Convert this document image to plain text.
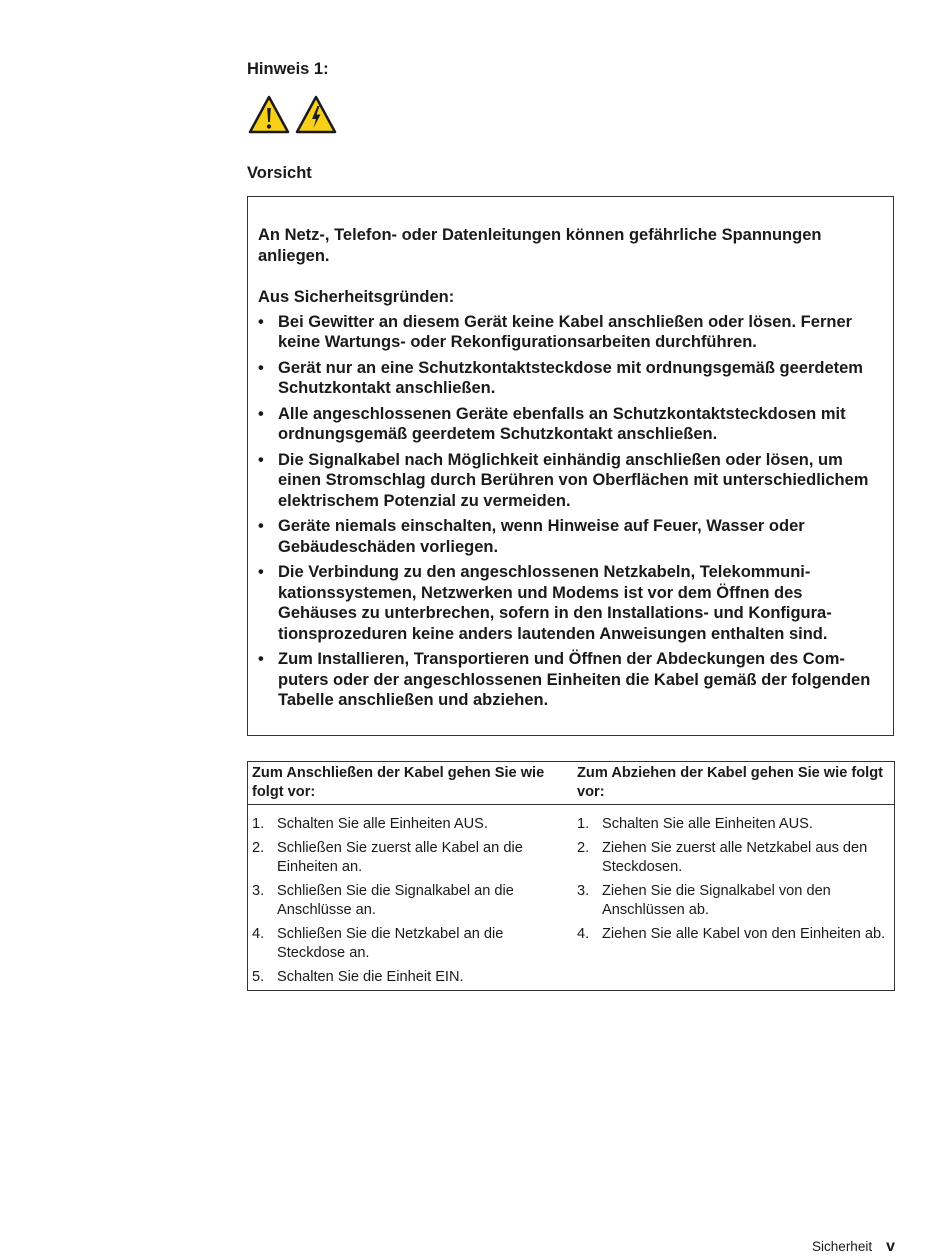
Hinweis 1:
Vorsicht

An Netz-, Telefon- oder Datenleitungen können gefährliche Spannungen anliegen.

Aus Sicherheitsgründen:

• Bei Gewitter an diesem Gerät keine Kabel anschließen oder lösen. Ferner keine Wartungs- oder Rekonfigurationsarbeiten durchführen.
• Gerät nur an eine Schutzkontaktsteckdose mit ordnungsgemäß geerdetem Schutzkontakt anschließen.
• Alle angeschlossenen Geräte ebenfalls an Schutzkontaktsteckdosen mit ordnungsgemäß geerdetem Schutzkontakt anschließen.
• Die Signalkabel nach Möglichkeit einhändig anschließen oder lösen, um einen Stromschlag durch Berühren von Oberflächen mit unterschiedlichem elektrischem Potenzial zu vermeiden.
• Geräte niemals einschalten, wenn Hinweise auf Feuer, Wasser oder Gebäudeschäden vorliegen.
• Die Verbindung zu den angeschlossenen Netzkabeln, Telekommunikationssystemen, Netzwerken und Modems ist vor dem Öffnen des Gehäuses zu unterbrechen, sofern in den Installations- und Konfigurationsprozeduren keine anders lautenden Anweisungen enthalten sind.
• Zum Installieren, Transportieren und Öffnen der Abdeckungen des Computers oder der angeschlossenen Einheiten die Kabel gemäß der folgenden Tabelle anschließen und abziehen.
Zum Anschließen der Kabel gehen Sie wie folgt vor:
Zum Abziehen der Kabel gehen Sie wie folgt vor:
1. Schalten Sie alle Einheiten AUS.
2. Schließen Sie zuerst alle Kabel an die Einheiten an.
3. Schließen Sie die Signalkabel an die Anschlüsse an.
4. Schließen Sie die Netzkabel an die Steckdose an.
5. Schalten Sie die Einheit EIN.
1. Schalten Sie alle Einheiten AUS.
2. Ziehen Sie zuerst alle Netzkabel aus den Steckdosen.
3. Ziehen Sie die Signalkabel von den Anschlüssen ab.
4. Ziehen Sie alle Kabel von den Einheiten ab.
Sicherheit v
